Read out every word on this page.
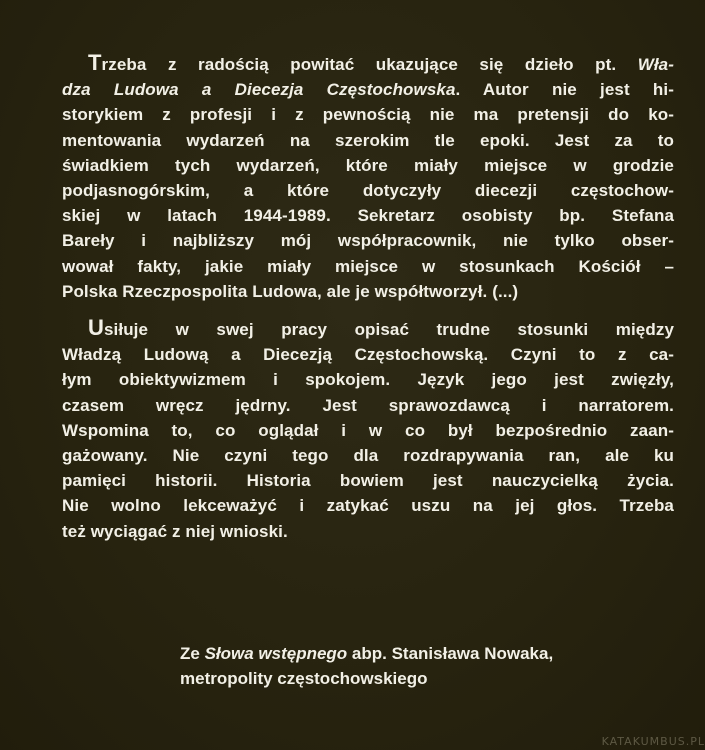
Trzeba z radością powitać ukazujące się dzieło pt. Wła-
dza Ludowa a Diecezja Częstochowska. Autor nie jest hi-
storykiem z profesji i z pewnością nie ma pretensji do ko-
mentowania wydarzeń na szerokim tle epoki. Jest za to
świadkiem tych wydarzeń, które miały miejsce w grodzie
podjasnogórskim, a które dotyczyły diecezji częstochow-
skiej w latach 1944-1989. Sekretarz osobisty bp. Stefana
Bareły i najbliższy mój współpracownik, nie tylko obser-
wował fakty, jakie miały miejsce w stosunkach Kościół –
Polska Rzeczpospolita Ludowa, ale je współtworzył. (...)

Usiłuje w swej pracy opisać trudne stosunki między
Władzą Ludową a Diecezją Częstochowską. Czyni to z ca-
łym obiektywizmem i spokojem. Język jego jest zwięzły,
czasem wręcz jędrny. Jest sprawozdawcą i narratorem.
Wspomina to, co oglądał i w co był bezpośrednio zaan-
gażowany. Nie czyni tego dla rozdrapywania ran, ale ku
pamięci historii. Historia bowiem jest nauczycielką życia.
Nie wolno lekceważyć i zatykać uszu na jej głos. Trzeba
też wyciągać z niej wnioski.

Ze Słowa wstępnego abp. Stanisława Nowaka,
metropolity częstochowskiego
KATAKUMBUS.PL
